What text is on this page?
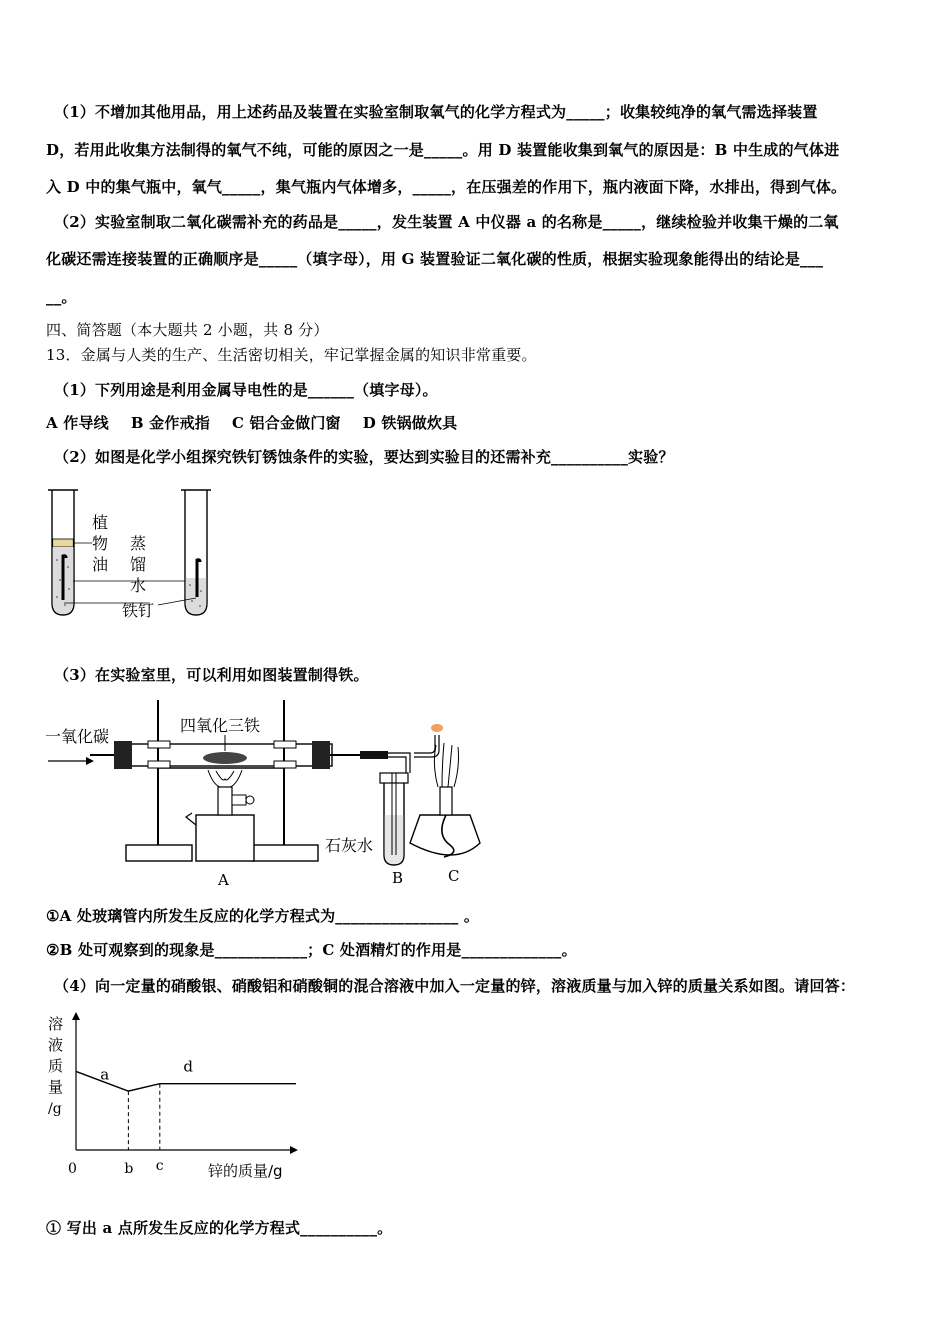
（1）不增加其他用品，用上述药品及装置在实验室制取氧气的化学方程式为_____；收集较纯净的氧气需选择装置
D，若用此收集方法制得的氧气不纯，可能的原因之一是_____。用 D 装置能收集到氧气的原因是：B 中生成的气体进
入 D 中的集气瓶中，氧气_____，集气瓶内气体增多，_____，在压强差的作用下，瓶内液面下降，水排出，得到气体。
（2）实验室制取二氧化碳需补充的药品是_____，发生装置 A 中仪器 a 的名称是_____，继续检验并收集干燥的二氧
化碳还需连接装置的正确顺序是_____（填字母），用 G 装置验证二氧化碳的性质，根据实验现象能得出的结论是___
__。
四、简答题（本大题共 2 小题，共 8 分）
13．金属与人类的生产、生活密切相关，牢记掌握金属的知识非常重要。
（1）下列用途是利用金属导电性的是______（填字母）。
A 作导线 B 金作戒指 C 铝合金做门窗 D 铁锅做炊具
（2）如图是化学小组探究铁钉锈蚀条件的实验，要达到实验目的还需补充__________实验？
植
物
油
蒸
馏
水
铁钉
（3）在实验室里，可以利用如图装置制得铁。
一氧化碳
四氧化三铁
A
石灰水
B	C
①A 处玻璃管内所发生反应的化学方程式为________________ 。
②B 处可观察到的现象是____________；C 处酒精灯的作用是_____________。
（4）向一定量的硝酸银、硝酸铝和硝酸铜的混合溶液中加入一定量的锌，溶液质量与加入锌的质量关系如图。请回答：
溶
液
质
量
/g
0	b c
a	d
锌的质量/g
① 写出 a 点所发生反应的化学方程式__________。
